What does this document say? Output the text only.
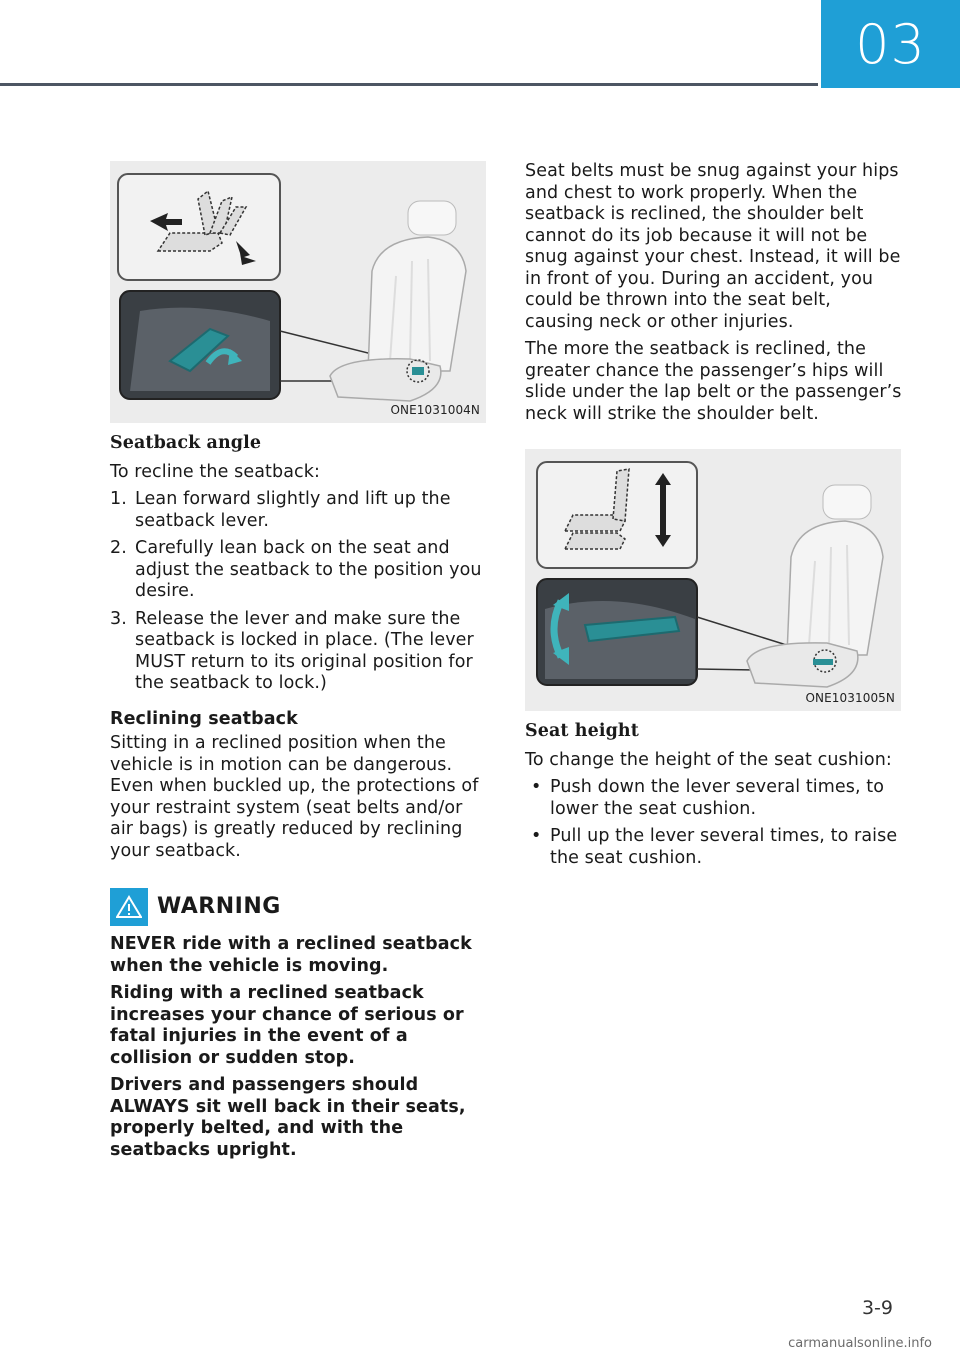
03
ONE1031004N
Seatback angle

To recline the seatback:

1. Lean forward slightly and lift up the seatback lever.
2. Carefully lean back on the seat and adjust the seatback to the position you desire.
3. Release the lever and make sure the seatback is locked in place. (The lever MUST return to its original position for the seatback to lock.)
Reclining seatback

Sitting in a reclined position when the vehicle is in motion can be dangerous. Even when buckled up, the protections of your restraint system (seat belts and/or air bags) is greatly reduced by reclining your seatback.

WARNING

NEVER ride with a reclined seatback when the vehicle is moving.

Riding with a reclined seatback increases your chance of serious or fatal injuries in the event of a collision or sudden stop.

Drivers and passengers should ALWAYS sit well back in their seats, properly belted, and with the seatbacks upright.

Seat belts must be snug against your hips and chest to work properly. When the seatback is reclined, the shoulder belt cannot do its job because it will not be snug against your chest. Instead, it will be in front of you. During an accident, you could be thrown into the seat belt, causing neck or other injuries.

The more the seatback is reclined, the greater chance the passenger’s hips will slide under the lap belt or the passenger’s neck will strike the shoulder belt.

ONE1031005N
Seat height

To change the height of the seat cushion:

• Push down the lever several times, to lower the seat cushion.
• Pull up the lever several times, to raise the seat cushion.
3-9
carmanualsonline.info
